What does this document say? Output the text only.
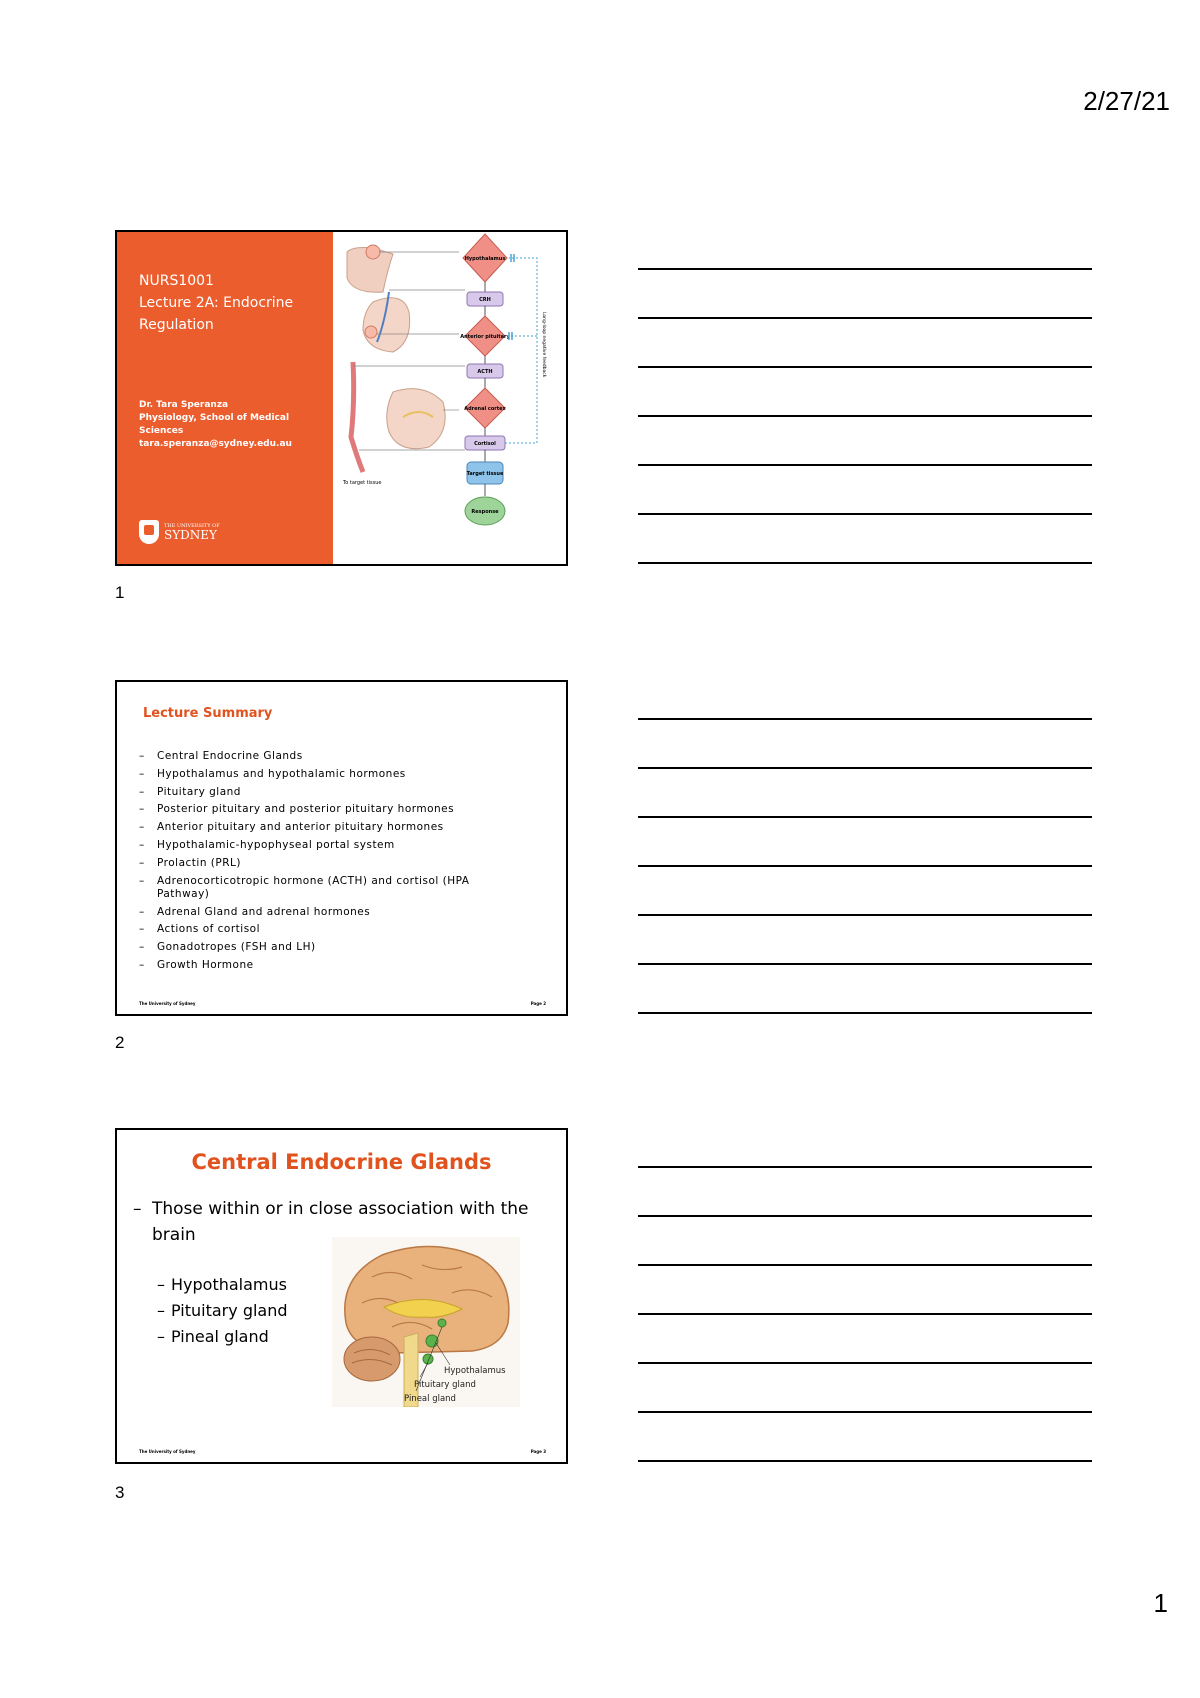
2/27/21
NURS1001
Lecture 2A: Endocrine Regulation
Dr. Tara Speranza
Physiology, School of Medical Sciences
tara.speranza@sydney.edu.au
THE UNIVERSITY OF
SYDNEY
To target tissue
Hypothalamus
CRH
Anterior pituitary
ACTH
Adrenal cortex
Cortisol
Target tissue
Response
Long-loop negative feedback
1
Lecture Summary
– Central Endocrine Glands
– Hypothalamus and hypothalamic hormones
– Pituitary gland
– Posterior pituitary and posterior pituitary hormones
– Anterior pituitary and anterior pituitary hormones
– Hypothalamic-hypophyseal portal system
– Prolactin (PRL)
– Adrenocorticotropic hormone (ACTH) and cortisol (HPA Pathway)
– Adrenal Gland and adrenal hormones
– Actions of cortisol
– Gonadotropes (FSH and LH)
– Growth Hormone
The University of Sydney	Page 2
2
Central Endocrine Glands
– Those within or in close association with the brain
– Hypothalamus
– Pituitary gland
– Pineal gland
Hypothalamus
Pituitary gland
Pineal gland
The University of Sydney	Page 3
3
1
